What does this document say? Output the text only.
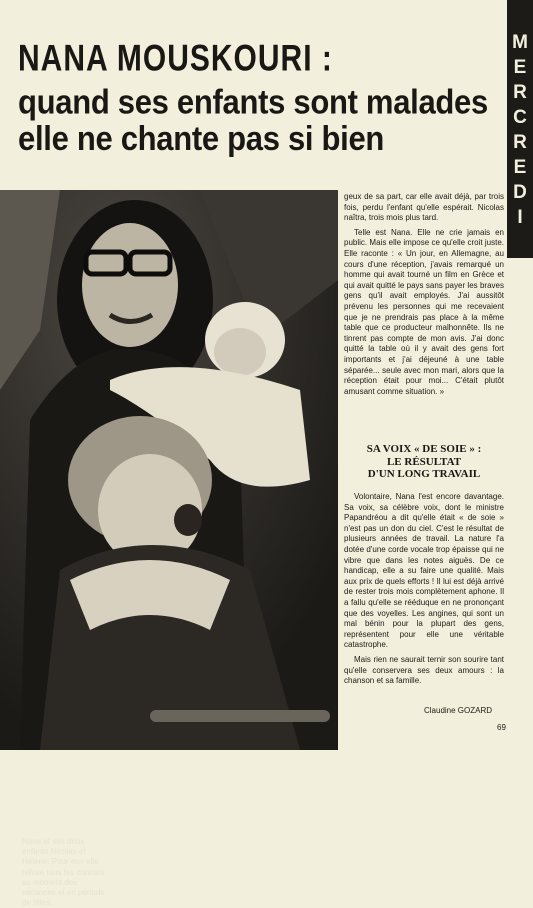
M
E
R
C
R
E
D
I
NANA MOUSKOURI :
quand ses enfants sont malades
elle ne chante pas si bien
Nana et ses deux enfants Nicolas et Hélène. Pour eux elle refuse tous les contrats au moment des vacances et en période de fêtes.

geux de sa part, car elle avait déjà, par trois fois, perdu l'enfant qu'elle espérait. Nicolas naîtra, trois mois plus tard.

Telle est Nana. Elle ne crie jamais en public. Mais elle impose ce qu'elle croit juste. Elle raconte : « Un jour, en Allemagne, au cours d'une réception, j'avais remarqué un homme qui avait tourné un film en Grèce et qui avait quitté le pays sans payer les braves gens qu'il avait employés. J'ai aussitôt prévenu les personnes qui me recevaient que je ne prendrais pas place à la même table que ce producteur malhonnête. Ils ne tinrent pas compte de mon avis. J'ai donc quitté la table où il y avait des gens fort importants et j'ai déjeuné à une table séparée... seule avec mon mari, alors que la réception était pour moi... C'était plutôt amusant comme situation. »

SA VOIX « DE SOIE » :
LE RÉSULTAT
D'UN LONG TRAVAIL

Volontaire, Nana l'est encore davantage. Sa voix, sa célèbre voix, dont le ministre Papandréou a dit qu'elle était « de soie » n'est pas un don du ciel. C'est le résultat de plusieurs années de travail. La nature l'a dotée d'une corde vocale trop épaisse qui ne vibre que dans les notes aiguës. De ce handicap, elle a su faire une qualité. Mais aux prix de quels efforts ! Il lui est déjà arrivé de rester trois mois complètement aphone. Il a fallu qu'elle se rééduque en ne prononçant que des voyelles. Les angines, qui sont un mal bénin pour la plupart des gens, représentent pour elle une véritable catastrophe.

Mais rien ne saurait ternir son sourire tant qu'elle conservera ses deux amours : la chanson et sa famille.

Claudine GOZARD
69
